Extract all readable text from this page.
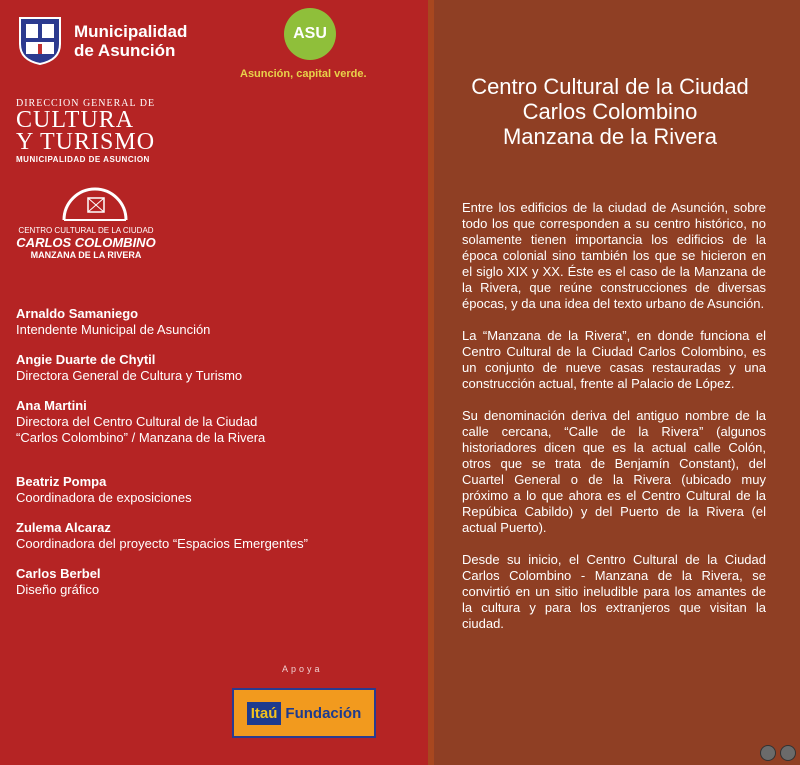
Municipalidad
de Asunción
ASU
Asunción, capital verde.
DIRECCION GENERAL DE
CULTURA
Y TURISMO
MUNICIPALIDAD DE ASUNCION
CENTRO CULTURAL DE LA CIUDAD
CARLOS COLOMBINO
MANZANA DE LA RIVERA
Arnaldo Samaniego
Intendente Municipal de Asunción
Angie Duarte de Chytil
Directora General de Cultura y Turismo
Ana Martini
Directora del Centro Cultural de la Ciudad
“Carlos Colombino” / Manzana de la Rivera
Beatriz Pompa
Coordinadora de exposiciones
Zulema Alcaraz
Coordinadora del proyecto “Espacios Emergentes”
Carlos Berbel
Diseño gráfico
Apoya
Itaú Fundación
Centro Cultural de la Ciudad
Carlos Colombino
Manzana de la Rivera

Entre los edificios de la ciudad de Asunción, sobre todo los que corresponden a su centro histórico, no solamente tienen importancia los edificios de la época colonial sino también los que se hicieron en el siglo XIX y XX. Éste es el caso de la Manzana de la Rivera, que reúne construcciones de diversas épocas, y da una idea del texto urbano de Asunción.

La “Manzana de la Rivera”, en donde funciona el Centro Cultural de la Ciudad Carlos Colombino, es un conjunto de nueve casas restauradas y una construcción actual, frente al Palacio de López.

Su denominación deriva del antiguo nombre de la calle cercana, “Calle de la Rivera” (algunos historiadores dicen que es la actual calle Colón, otros que se trata de Benjamín Constant), del Cuartel General o de la Rivera (ubicado muy próximo a lo que ahora es el Centro Cultural de la Repúbica Cabildo) y del Puerto de la Rivera (el actual Puerto).

Desde su inicio, el Centro Cultural de la Ciudad Carlos Colombino - Manzana de la Rivera, se convirtió en un sitio ineludible para los amantes de la cultura y para los extranjeros que visitan la ciudad.
